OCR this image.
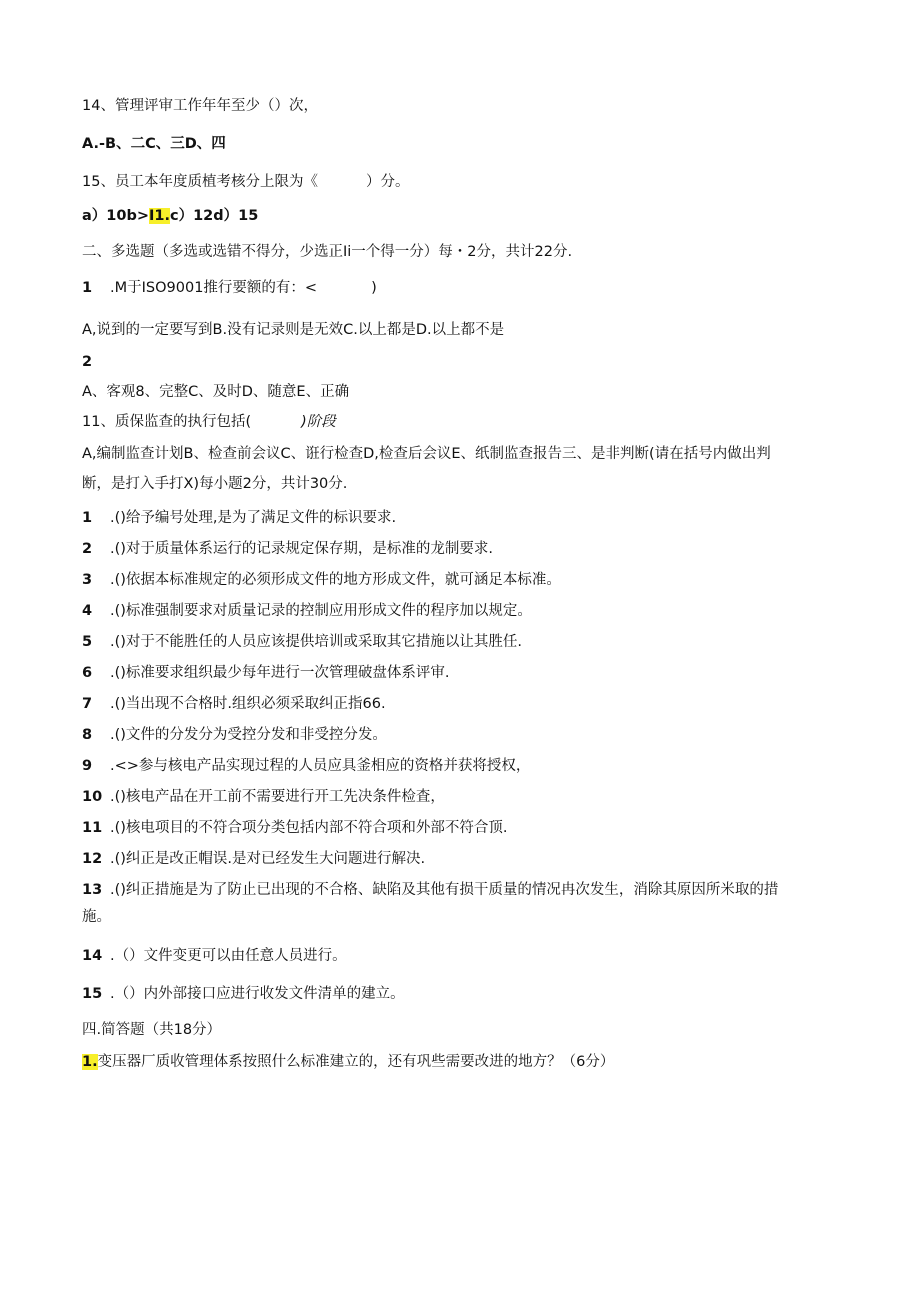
14、管理评审工作年年至少（）次，
A.-B、二C、三D、四
15、员工本年度质植考核分上限为《	）分。
a）10b>I1.c）12d）15
二、多选题（多选或选错不得分，少选正Ii一个得一分）每・2分，共计22分.
1 .M于ISO9001推行要额的有：<	)
A,说到的一定要写到B.没有记录则是无效C.以上都是D.以上都不是
2
A、客观8、完整C、及时D、随意E、正确
11、质保监查的执行包括(	)阶段
A,编制监查计划B、检查前会议C、诳行检查D,检查后会议E、纸制监查报告三、是非判断(请在括号内做出判
断，是打入手打X)每小题2分，共计30分.
1 .()给予编号处理,是为了满足文件的标识要求.
2 .()对于质量体系运行的记录规定保存期，是标准的龙制要求.
3 .()依据本标准规定的必须形成文件的地方形成文件，就可涵足本标准。
4 .()标准强制要求对质量记录的控制应用形成文件的程序加以规定。
5 .()对于不能胜任的人员应该提供培训或采取其它措施以让其胜任.
6 .()标准要求组织最少每年进行一次管理破盘体系评审.
7 .()当出现不合格时.组织必须采取纠正指66.
8 .()文件的分发分为受控分发和非受控分发。
9 .<>参与核电产品实现过程的人员应具釜相应的资格并获将授权，
10 .()核电产品在开工前不需要进行开工先决条件检査，
11 .()核电项目的不符合项分类包括内部不符合项和外部不符合顶.
12 .()纠正是改正帽误.是对已经发生大问题进行解决.
13 .()纠正措施是为了防止已出现的不合格、缺陷及其他有损干质量的情况冉次发生，消除其原因所米取的措
施。
14 .（）文件变更可以由任意人员进行。
15 .（）内外部接口应进行收发文件清单的建立。
四.简答题（共18分）
1.变压器厂质收管理体系按照什么标准建立的，还有巩些需要改进的地方？（6分）
